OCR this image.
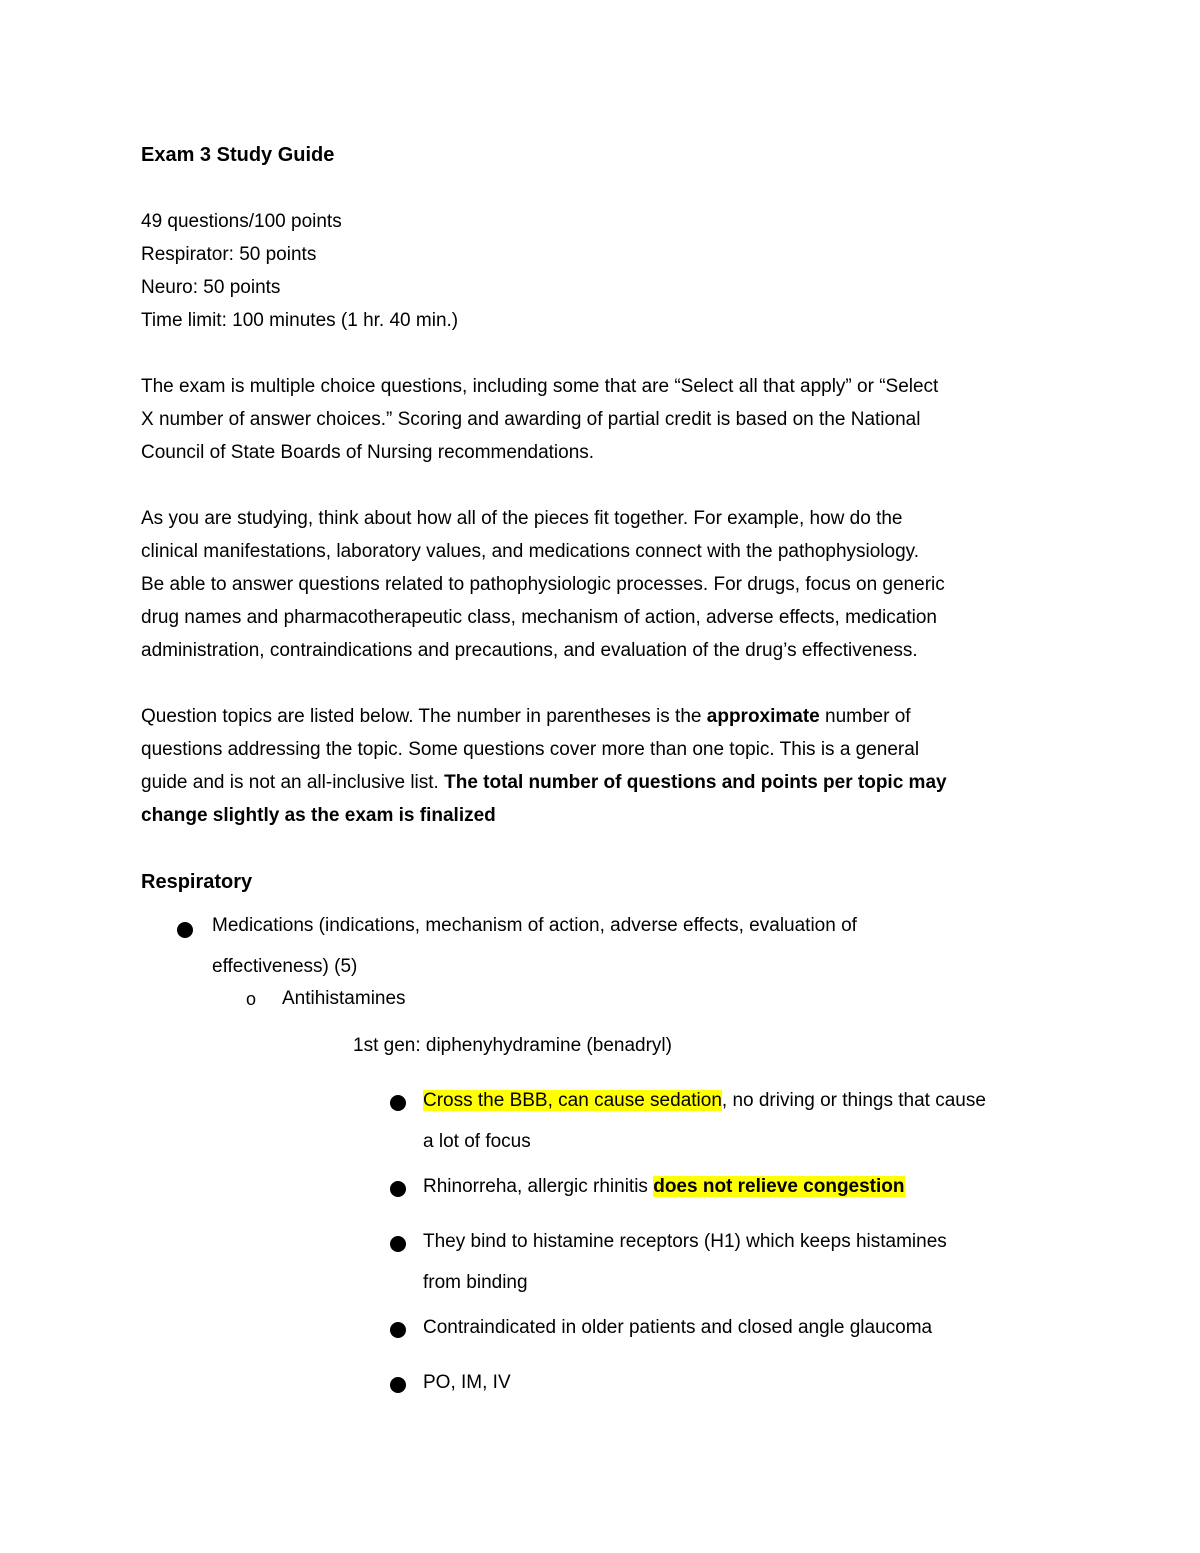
Exam 3 Study Guide
49 questions/100 points
Respirator: 50 points
Neuro: 50 points
Time limit: 100 minutes (1 hr. 40 min.)
The exam is multiple choice questions, including some that are “Select all that apply” or “Select
X number of answer choices.” Scoring and awarding of partial credit is based on the National
Council of State Boards of Nursing recommendations.
As you are studying, think about how all of the pieces fit together. For example, how do the
clinical manifestations, laboratory values, and medications connect with the pathophysiology.
Be able to answer questions related to pathophysiologic processes. For drugs, focus on generic
drug names and pharmacotherapeutic class, mechanism of action, adverse effects, medication
administration, contraindications and precautions, and evaluation of the drug’s effectiveness.
Question topics are listed below. The number in parentheses is the approximate number of
questions addressing the topic. Some questions cover more than one topic. This is a general
guide and is not an all-inclusive list. The total number of questions and points per topic may
change slightly as the exam is finalized
Respiratory
Medications (indications, mechanism of action, adverse effects, evaluation of
effectiveness) (5)
o Antihistamines
1st gen: diphenyhydramine (benadryl)
Cross the BBB, can cause sedation, no driving or things that cause
a lot of focus
Rhinorreha, allergic rhinitis does not relieve congestion
They bind to histamine receptors (H1) which keeps histamines
from binding
Contraindicated in older patients and closed angle glaucoma
PO, IM, IV
